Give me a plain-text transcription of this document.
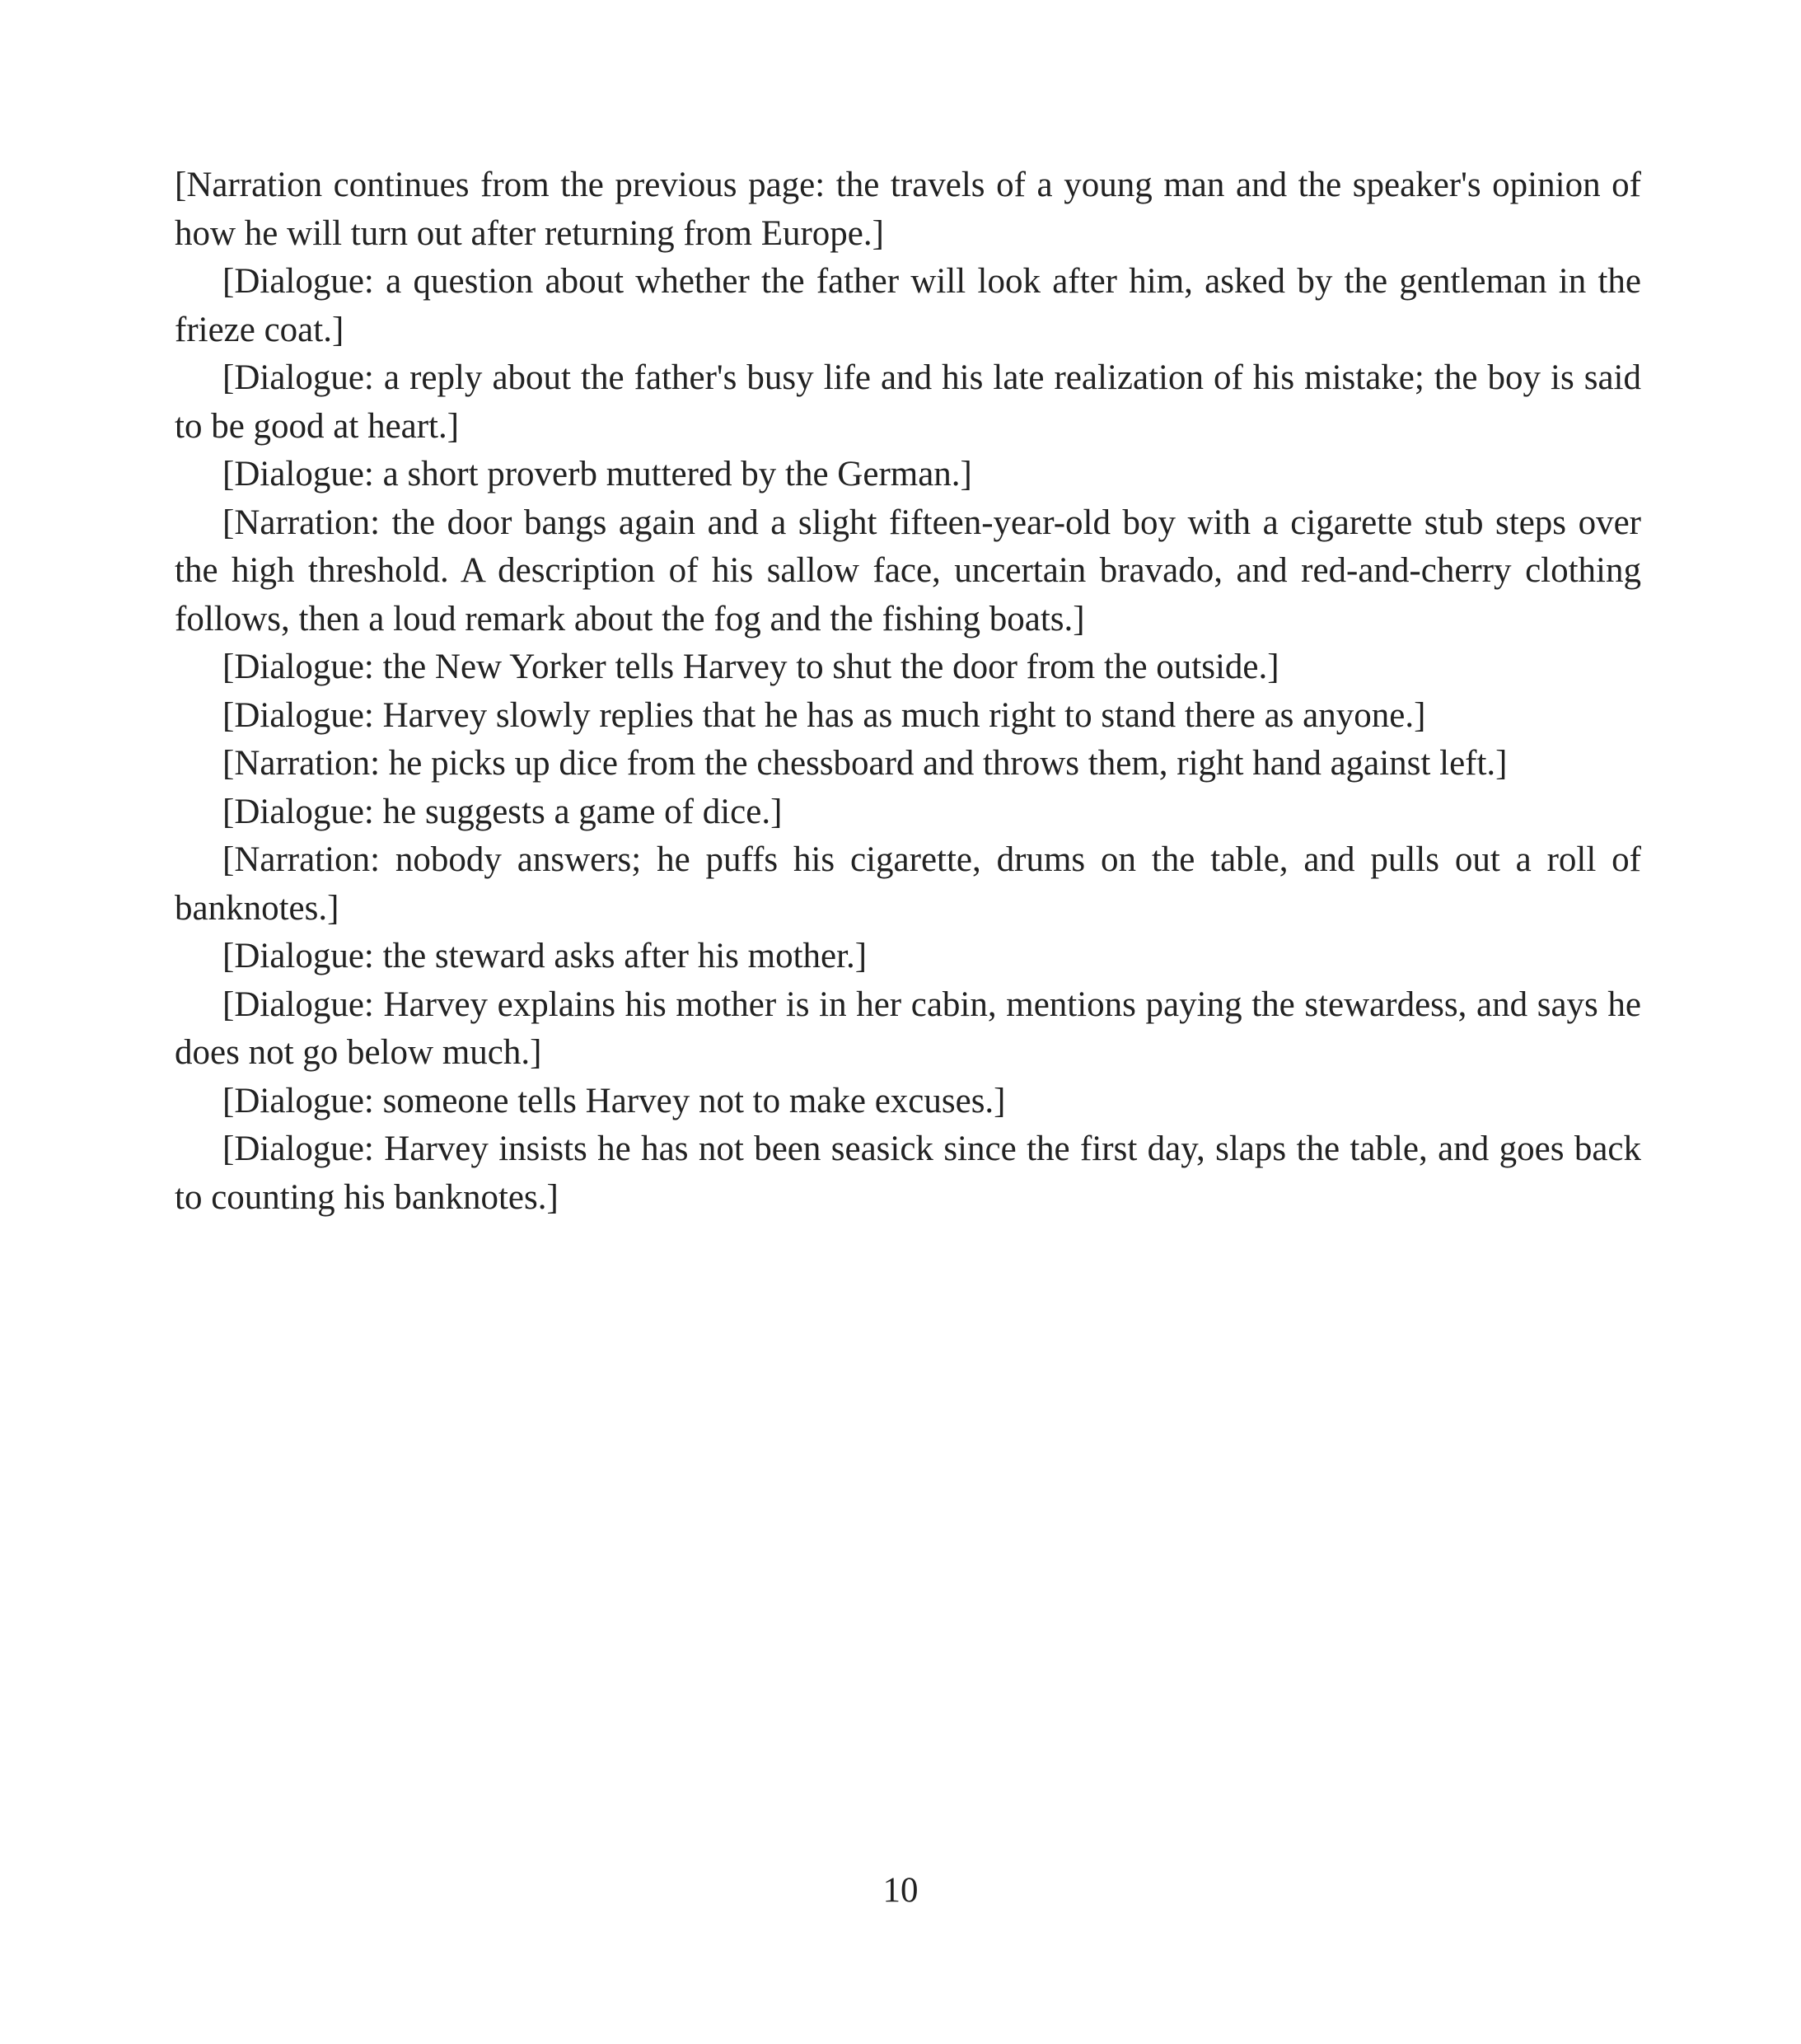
[Narration continues from the previous page: the travels of a young man and the speaker's opinion of how he will turn out after returning from Europe.]

[Dialogue: a question about whether the father will look after him, asked by the gentleman in the frieze coat.]

[Dialogue: a reply about the father's busy life and his late realization of his mistake; the boy is said to be good at heart.]

[Dialogue: a short proverb muttered by the German.]

[Narration: the door bangs again and a slight fifteen-year-old boy with a cigarette stub steps over the high threshold. A description of his sallow face, uncertain bravado, and red-and-cherry clothing follows, then a loud remark about the fog and the fishing boats.]

[Dialogue: the New Yorker tells Harvey to shut the door from the outside.]

[Dialogue: Harvey slowly replies that he has as much right to stand there as anyone.]

[Narration: he picks up dice from the chessboard and throws them, right hand against left.]

[Dialogue: he suggests a game of dice.]

[Narration: nobody answers; he puffs his cigarette, drums on the table, and pulls out a roll of banknotes.]

[Dialogue: the steward asks after his mother.]

[Dialogue: Harvey explains his mother is in her cabin, mentions paying the stewardess, and says he does not go below much.]

[Dialogue: someone tells Harvey not to make excuses.]

[Dialogue: Harvey insists he has not been seasick since the first day, slaps the table, and goes back to counting his banknotes.]

10
